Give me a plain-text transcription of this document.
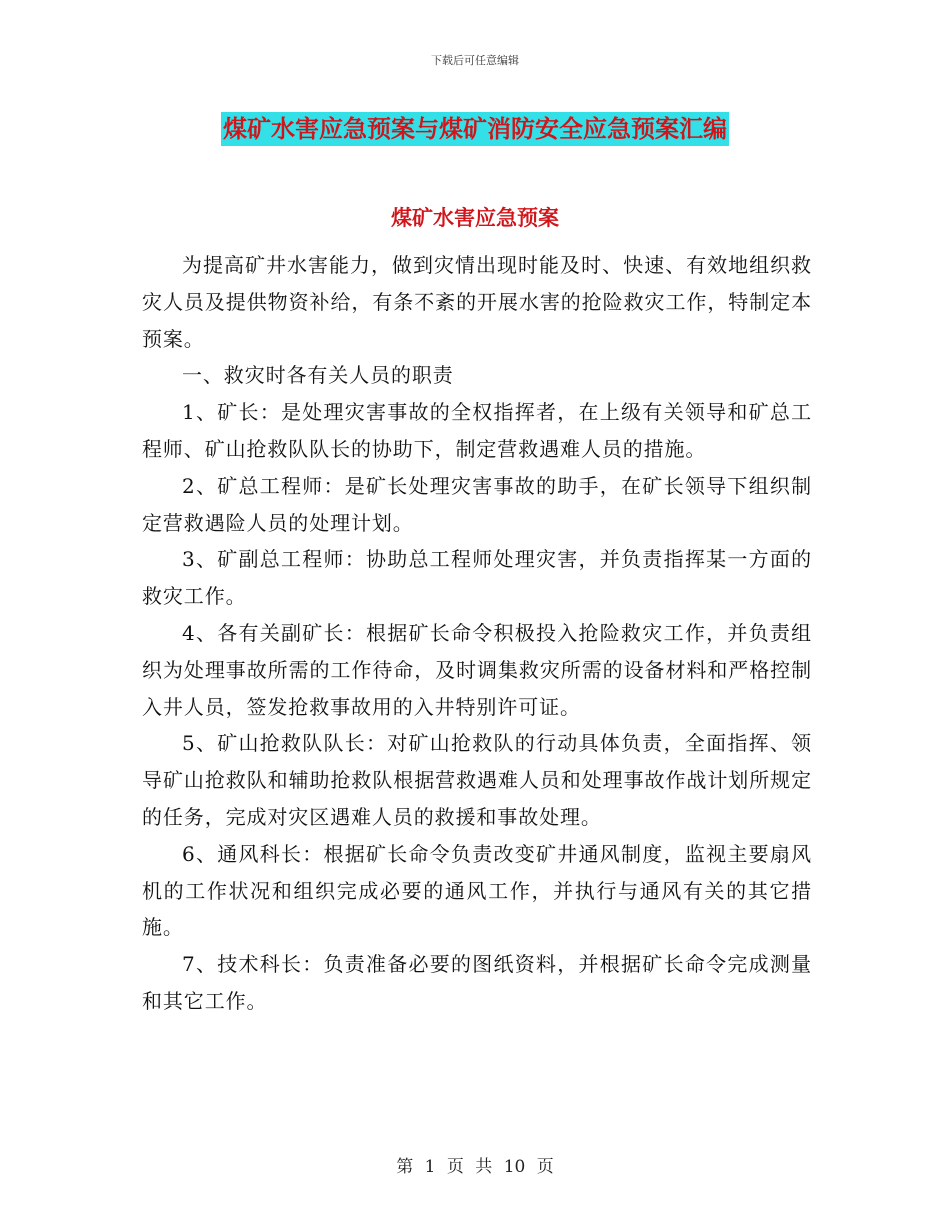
下载后可任意编辑
煤矿水害应急预案与煤矿消防安全应急预案汇编
煤矿水害应急预案

为提高矿井水害能力，做到灾情出现时能及时、快速、有效地组织救灾人员及提供物资补给，有条不紊的开展水害的抢险救灾工作，特制定本预案。

一、救灾时各有关人员的职责

1、矿长：是处理灾害事故的全权指挥者，在上级有关领导和矿总工程师、矿山抢救队队长的协助下，制定营救遇难人员的措施。

2、矿总工程师：是矿长处理灾害事故的助手，在矿长领导下组织制定营救遇险人员的处理计划。

3、矿副总工程师：协助总工程师处理灾害，并负责指挥某一方面的救灾工作。

4、各有关副矿长：根据矿长命令积极投入抢险救灾工作，并负责组织为处理事故所需的工作待命，及时调集救灾所需的设备材料和严格控制入井人员，签发抢救事故用的入井特别许可证。

5、矿山抢救队队长：对矿山抢救队的行动具体负责，全面指挥、领导矿山抢救队和辅助抢救队根据营救遇难人员和处理事故作战计划所规定的任务，完成对灾区遇难人员的救援和事故处理。

6、通风科长：根据矿长命令负责改变矿井通风制度，监视主要扇风机的工作状况和组织完成必要的通风工作，并执行与通风有关的其它措施。

7、技术科长：负责准备必要的图纸资料，并根据矿长命令完成测量和其它工作。

第 1 页 共 10 页
